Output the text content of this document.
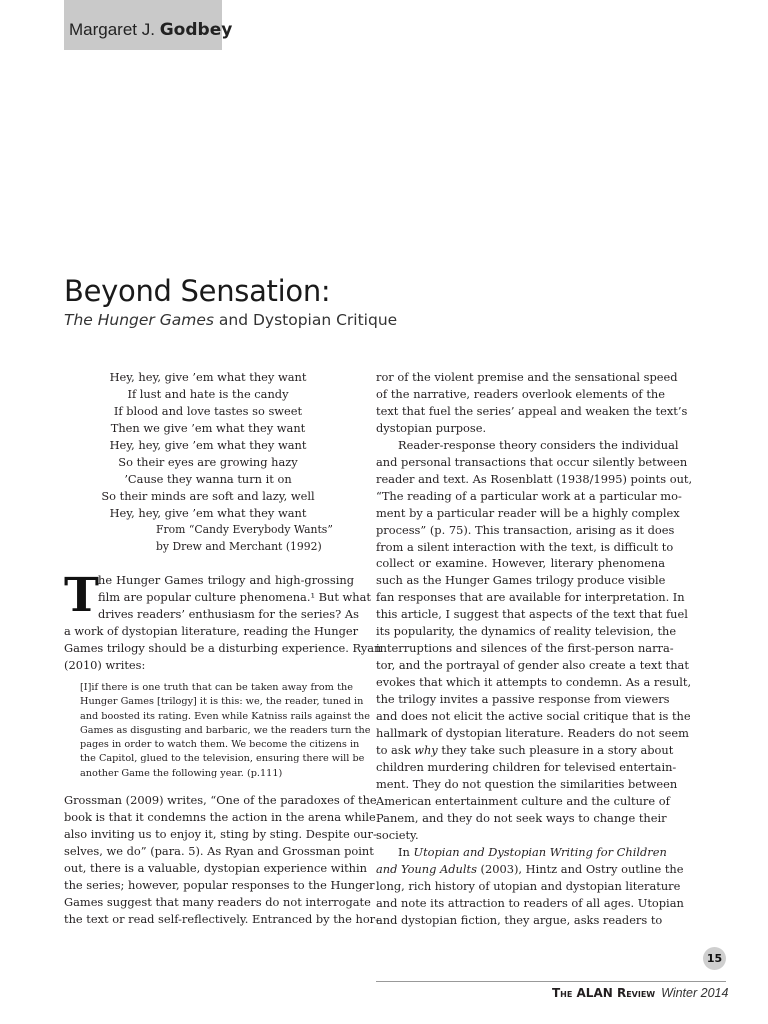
Margaret J. Godbey
Beyond Sensation:
The Hunger Games and Dystopian Critique
Hey, hey, give ’em what they want
If lust and hate is the candy
If blood and love tastes so sweet
Then we give ’em what they want
Hey, hey, give ’em what they want
So their eyes are growing hazy
’Cause they wanna turn it on
So their minds are soft and lazy, well
Hey, hey, give ’em what they want
From “Candy Everybody Wants”
by Drew and Merchant (1992)
T he Hunger Games trilogy and high-grossing
film are popular culture phenomena.¹ But what
drives readers’ enthusiasm for the series? As
a work of dystopian literature, reading the Hunger
Games trilogy should be a disturbing experience. Ryan
(2010) writes:
[I]if there is one truth that can be taken away from the
Hunger Games [trilogy] it is this: we, the reader, tuned in
and boosted its rating. Even while Katniss rails against the
Games as disgusting and barbaric, we the readers turn the
pages in order to watch them. We become the citizens in
the Capitol, glued to the television, ensuring there will be
another Game the following year. (p.111)
Grossman (2009) writes, “One of the paradoxes of the
book is that it condemns the action in the arena while
also inviting us to enjoy it, sting by sting. Despite our-
selves, we do” (para. 5). As Ryan and Grossman point
out, there is a valuable, dystopian experience within
the series; however, popular responses to the Hunger
Games suggest that many readers do not interrogate
the text or read self-reflectively. Entranced by the hor-
ror of the violent premise and the sensational speed
of the narrative, readers overlook elements of the
text that fuel the series’ appeal and weaken the text’s
dystopian purpose.
Reader-response theory considers the individual
and personal transactions that occur silently between
reader and text. As Rosenblatt (1938/1995) points out,
“The reading of a particular work at a particular mo-
ment by a particular reader will be a highly complex
process” (p. 75). This transaction, arising as it does
from a silent interaction with the text, is difficult to
collect or examine. However, literary phenomena
such as the Hunger Games trilogy produce visible
fan responses that are available for interpretation. In
this article, I suggest that aspects of the text that fuel
its popularity, the dynamics of reality television, the
interruptions and silences of the first-person narra-
tor, and the portrayal of gender also create a text that
evokes that which it attempts to condemn. As a result,
the trilogy invites a passive response from viewers
and does not elicit the active social critique that is the
hallmark of dystopian literature. Readers do not seem
to ask why they take such pleasure in a story about
children murdering children for televised entertain-
ment. They do not question the similarities between
American entertainment culture and the culture of
Panem, and they do not seek ways to change their
society.
In Utopian and Dystopian Writing for Children
and Young Adults (2003), Hintz and Ostry outline the
long, rich history of utopian and dystopian literature
and note its attraction to readers of all ages. Utopian
and dystopian fiction, they argue, asks readers to
15
The ALAN Review Winter 2014
